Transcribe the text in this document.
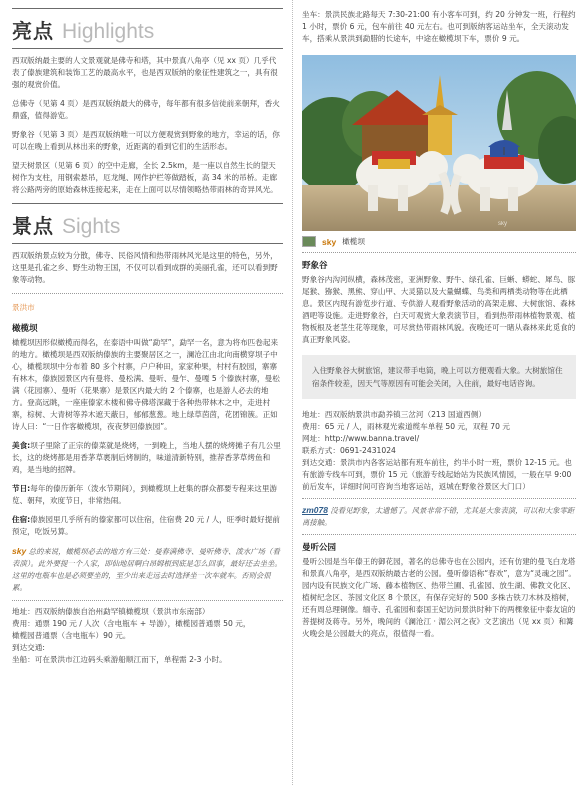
亮点 Highlights

西双版纳最主要的人文景观就是佛寺和塔，其中景真八角亭（见 xx 页）几乎代表了傣族建筑和装饰工艺的最高水平，也是西双版纳的象征性建筑之一，具有很强的观赏价值。

总佛寺（见第 4 页）是西双版纳最大的佛寺，每年都有很多信徒前来朝拜，香火鼎盛，值得游览。

野象谷（见第 3 页）是西双版纳唯一可以方便观赏到野象的地方，幸运的话，你可以在晚上看到从林出来的野象，近距离的看到它们的生活形态。

望天树景区（见第 6 页）的空中走廊，全长 2.5km，是一座以自然生长的望天树作为支柱，用钢索悬吊，厄龙绳、网作护栏等做踏板，高 34 米的吊桥。走廊将公路两旁的原始森林连接起来，走在上面可以尽情领略热带雨林的奇异风光。

景点 Sights

西双版纳景点较为分散，佛寺、民俗风情和热带雨林风光是这里的特色，另外，这里是孔雀之乡、野生动物王国，不仅可以看到成群的美丽孔雀，还可以看到野象等动物。

景洪市
橄榄坝

橄榄坝因形似橄榄而得名，在泰语中叫做“勐罕”，勐罕一名，意为将布匹卷起来的地方。橄榄坝是西双版纳傣族的主要聚居区之一，澜沧江由北向南横穿坝子中心，橄榄坝坝中分布着 80 多个村寨，户户种田，家家种果，村村有胶园，寨寨有林木，傣族园景区内有曼将、曼松满、曼听、曼乍、曼嘎 5 个傣族村寨，曼松满（花园寨）、曼听（花果寨）是景区内最大的 2 个傣寨，也是游人必去的地方。登高远眺，一座座傣家木楼和佛寺佛塔深藏于各种热带林木之中，走进村寨，棕树、大青树等养木遮天蔽日，郁郁葱葱。地上绿草茵茵，花团锦簇。正如诗人曰：“一日作客橄榄坝，夜夜梦回傣族园”。

美食:坝子里除了正宗的傣菜就是烧烤，一到晚上，当地人摆的烧烤摊子有几公里长，这的烧烤都是用香茅草裹制后烤制的，味道清新特别，推荐香茅草烤鱼和鸡，是当地的招牌。

节日:每年的傣历新年（泼水节期间），到橄榄坝上赶集的群众都要专程来这里游览、朝拜，欢度节日，非常热闹。

住宿:傣族园里几乎所有的傣家都可以住宿，住宿费 20 元 / 人，旺季时最好提前预定，吃饭另算。

sky 总的来说，橄榄坝必去的地方有三处：曼春满佛寺、曼听佛寺、泼水广场（看表演）。此外要提一个人家，即仙地居啊白昂姆根到底是怎么回事，最好还去坐坐。这里的电瓶车也是必须要坐的，至少出来走远去时选择坐一次车就车。否则会很累。

地址：西双版纳傣族自治州勐罕镇橄榄坝（景洪市东南部）

费用：通票 190 元 / 人次（含电瓶车 + 导游），橄榄园普通票 50 元，

橄榄园普通票（含电瓶车）90 元。

到达交通:

坐船：可在景洪市江边码头乘游船顺江而下，单程需 2-3 小时。

坐车：景洪民族北路每天 7:30-21:00 有小客车可到，约 20 分钟发一班，行程约 1 小时，票价 6 元，包车前往 40 元左右。也可到版纳客运站坐车，全天滚动发车，搭乘从景洪到勐腊的长途车，中途在橄榄坝下车，票价 9 元。

sky
sky 橄榄坝
野象谷

野象谷内沟河纵横，森林茂密，亚洲野象、野牛、绿孔雀、巨蜥、蟒蛇、犀鸟、豚尾猴、猕猴、黑熊、穿山甲、大灵猫以及大量蝴蝶、鸟类和两栖类动物等在此栖息。景区内现有游览步行道、专供游人观看野象活动的高架走廊、大树旅馆、森林酒吧等设施。走进野象谷，白天可观赏大象表演节目，看到热带雨林植物景观、植物板根及老茎生花等现象，可尽赏热带雨林风貌。夜晚还可一睹从森林来此觅食的真正野象风姿。

入住野象谷大树旅馆，建议带手电筒，晚上可以方便观看大象。大树旅馆住宿条件较差，因天气等原因有可能会关闭，入住前，最好电话咨询。

地址：西双版纳景洪市勐养镇三岔河（213 国道西侧）

费用：65 元 / 人，雨林观光索道缆车单程 50 元，双程 70 元

网址：http://www.banna.travel/

联系方式：0691-2431024

到达交通：景洪市内各客运站都有班车前往，约半小时一班，票价 12-15 元。也有旅游专线车可到，票价 15 元（旅游专线起始站为民族风情园，一般在早 9:00 前后发车，详细时间可咨询当地客运站，返城在野象谷景区大门口）

zm078 没看见野象，太遗憾了。风景非常不错，尤其是大象表演，可以和大象零距离接触。
曼听公园

曼听公园是当年傣王的御花园，著名的总佛寺也在公园内，还有仿建的曼飞白龙塔和景真八角亭，是西双版纳最古老的公园。曼听傣语称“春欢”，意为“灵魂之园”。园内设有民族文化广场、藤本植物区、热带兰圃、孔雀园、放生湖、佛教文化区、植树纪念区、茶园文化区 8 个景区，有保存完好的 500 多株古铁刀木林及榕树，还有周总理铜像。缅寺、孔雀园和泰国王妃访问景洪时种下的两棵象征中泰友谊的菩提树及蒋寺。另外，晚间的《澜沧江 · 湄公河之夜》文艺演出（见 xx 页）和篝火晚会是公园最大的亮点，很值得一看。
